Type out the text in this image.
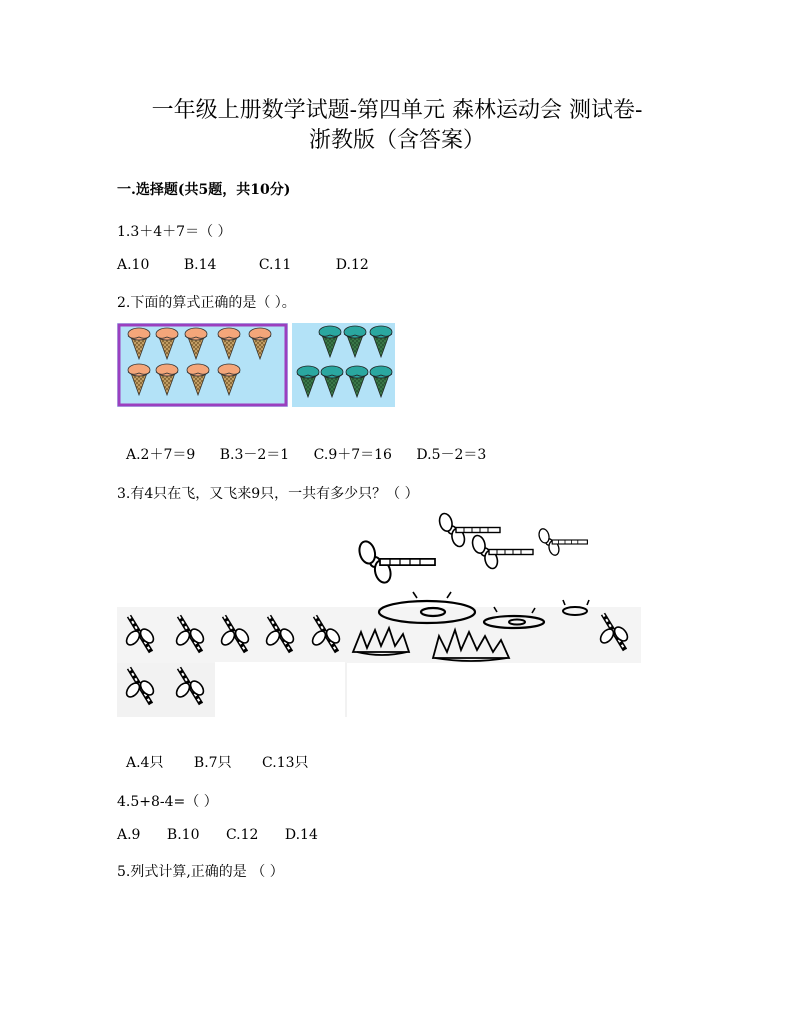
一年级上册数学试题-第四单元 森林运动会 测试卷-
浙教版（含答案）
一.选择题(共5题，共10分)
1.3＋4＋7＝（ ）
A.10 B.14	C.11	D.12
2.下面的算式正确的是（ ）。
A.2＋7＝9 B.3－2＝1 C.9＋7＝16 D.5－2＝3
3.有4只在飞，又飞来9只，一共有多少只？（ ）
A.4只 B.7只 C.13只
4.5+8-4=（ ）
A.9 B.10 C.12 D.14
5.列式计算,正确的是 （ ）
